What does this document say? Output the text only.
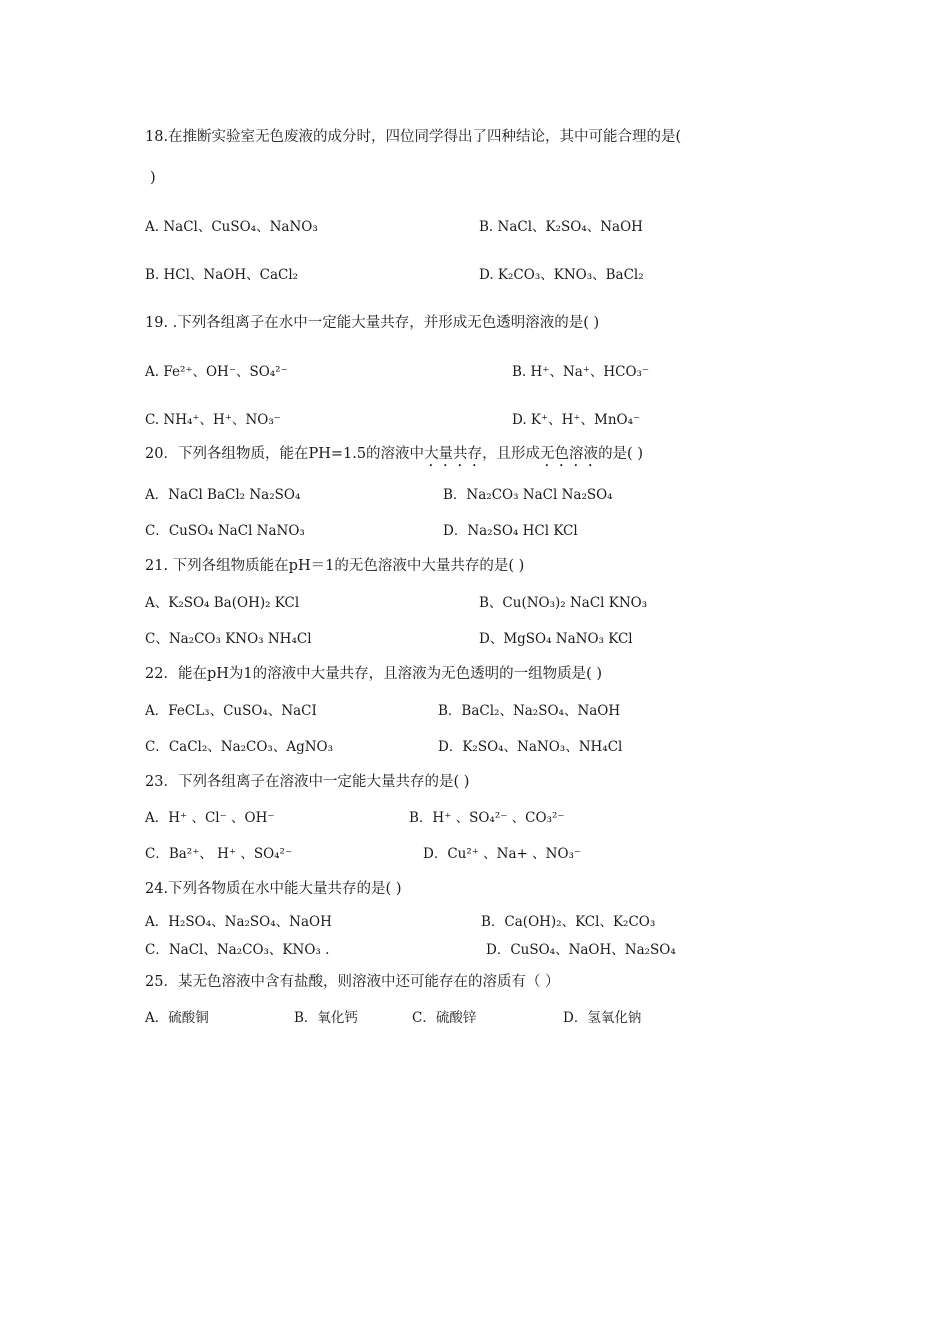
18.在推断实验室无色废液的成分时，四位同学得出了四种结论，其中可能合理的是(
)
A. NaCl、CuSO₄、NaNO₃	B. NaCl、K₂SO₄、NaOH
B. HCl、NaOH、CaCl₂	D. K₂CO₃、KNO₃、BaCl₂
19. .下列各组离子在水中一定能大量共存，并形成无色透明溶液的是( )
A. Fe²⁺、OH⁻、SO₄²⁻	B. H⁺、Na⁺、HCO₃⁻
C. NH₄⁺、H⁺、NO₃⁻	D. K⁺、H⁺、MnO₄⁻
20．下列各组物质，能在PH=1.5的溶液中大量共存，且形成无色溶液的是( )
A．NaCl BaCl₂ Na₂SO₄	B．Na₂CO₃ NaCl Na₂SO₄
C．CuSO₄ NaCl NaNO₃	D．Na₂SO₄ HCl KCl
21. 下列各组物质能在pH＝1的无色溶液中大量共存的是( )
A、K₂SO₄ Ba(OH)₂ KCl	B、Cu(NO₃)₂ NaCl KNO₃
C、Na₂CO₃ KNO₃ NH₄Cl	D、MgSO₄ NaNO₃ KCl
22．能在pH为1的溶液中大量共存，且溶液为无色透明的一组物质是( )
A．FeCL₃、CuSO₄、NaCI	B．BaCl₂、Na₂SO₄、NaOH
C．CaCl₂、Na₂CO₃、AgNO₃	D．K₂SO₄、NaNO₃、NH₄Cl
23．下列各组离子在溶液中一定能大量共存的是( )
A．H⁺ 、Cl⁻ 、OH⁻	B．H⁺ 、SO₄²⁻ 、CO₃²⁻
C．Ba²⁺、 H⁺ 、SO₄²⁻	D．Cu²⁺ 、Na+ 、NO₃⁻
24.下列各物质在水中能大量共存的是( )
A．H₂SO₄、Na₂SO₄、NaOH	B．Ca(OH)₂、KCl、K₂CO₃
C．NaCl、Na₂CO₃、KNO₃ .	D．CuSO₄、NaOH、Na₂SO₄
25．某无色溶液中含有盐酸，则溶液中还可能存在的溶质有（ ）
A．硫酸铜	B．氧化钙	C．硫酸锌	D．氢氧化钠
